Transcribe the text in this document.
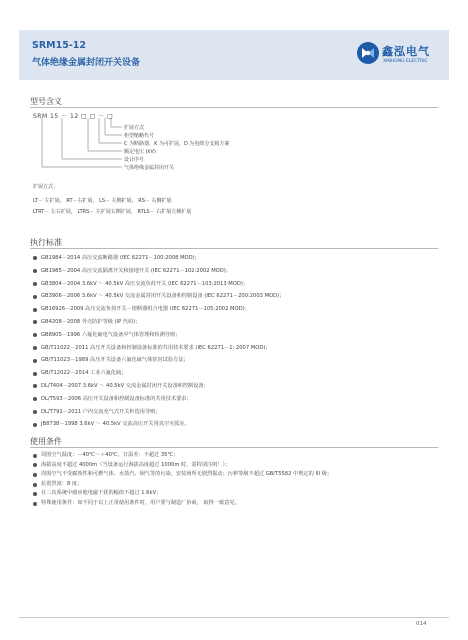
SRM15-12
气体绝缘金属封闭开关设备
鑫泓电气
XINHONG ELECTRIC
型号含义
SRM 15 － 12 □ □ － □
扩展方式
柜型缩略代号
C 为断路器，K 为可扩展，D 为电缆分支箱方案
额定电压 (kV)
设计序号
气体绝缘金属封闭开关
扩展方式：
LT－ 左扩展， RT－右扩展， LS－ 左侧扩展， RS－ 右侧扩展
LTRT－ 左右扩展， LTRS－ 左扩展右侧扩展， RTLS－ 右扩展左侧扩展
执行标准
GB1984－2014 高压交流断路器 (IEC 62271－100:2008 MOD)；
GB1985－2004 高压交流隔离开关和接地开关 (IEC 62271－102:2002 MOD)；
GB3804－2004 3.6kV ～ 40.5kV 高压交流负荷开关 (IEC 62271－103:2013 MOD)；
GB3906－2006 3.6kV ～ 40.5kV 交流金属封闭开关设备和控制设备 (IEC 62271－200:2003 MOD)；
GB16926－2009 高压交流负荷开关－熔断器组合电器 (IEC 62271－105:2002 MOD)；
GB4208－2008 外壳防护等级 (IP 代码)；
GB8905－1996 六氟化硫电气设备中气体管理和检测导则；
GB/T11022－2011 高压开关设备和控制设备标准的共用技术要求 (IEC 62271－1: 2007 MOD)；
GB/T11023－1989 高压开关设备六氟化硫气体密封试验方法；
GB/T12022－2014 工业六氟化硫；
DL/T404－2007 3.6kV ～ 40.5kV 交流金属封闭开关设备和控制设备；
DL/T593－2006 高压开关设备和控制设备标准的共用技术要求；
DL/T791－2011 户内交流充气式开关柜选用导则；
JB8738－1998 3.6kV ～ 40.5kV 交流高压开关用真空灭弧室。
使用条件
周围空气温度：－40℃～＋40℃，日温差：不超过 35℃；
海拔高度不超过 4000m（当设备运行海拔高度超过 1000m 时，需特别注明！）；
周围空气不受腐蚀性和可燃气体、水蒸汽、烟气等的污染，安装场所无剧烈振动；污秽等级不超过 GB/T5582 中规定的 III 级；
抗震烈度：8 度；
在二次系统中感应地电磁干扰的幅值不超过 1.6kV；
特殊使用条件：如不同于以上正常使用条件时，用户要与制造厂协商， 取得一致意见。
014
